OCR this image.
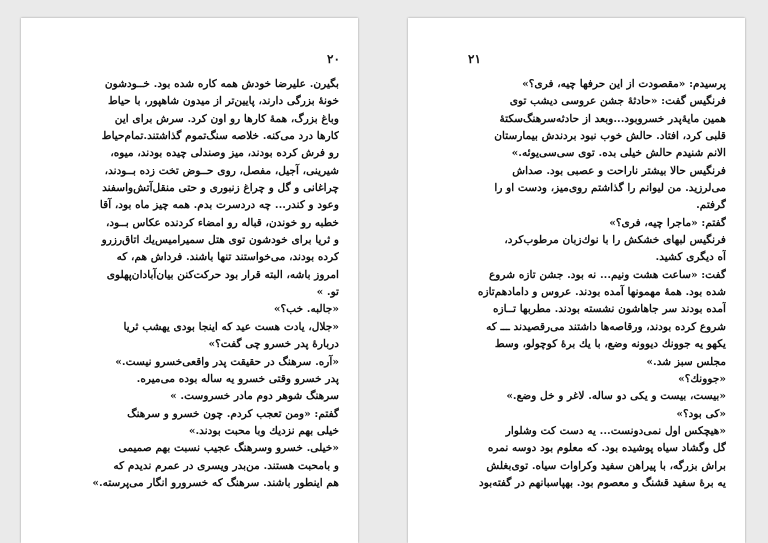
۲۰
بگیرن. علیرضا خودش همه کاره شده بود. خــودشون
خونهٔ بزرگی دارند، پایین‌تر از میدون شاهپور، با حیاط
وباغ بزرگ، همهٔ کارها رو اون کرد. سرش برای این
کارها درد می‌کنه. خلاصه سنگ‌تموم گذاشتند.تمام‌حیاط
رو فرش کرده بودند، میز وصندلی چیده بودند، میوه،
شیرینی، آجیل، مفصل، روی حــوض تخت زده بــودند،
چراغانی و گل و چراغ زنبوری و حتی منقل‌آتش‌واسفند
وعود و کندر... چه دردسرت بدم. همه چیز ماه بود، آقا
خطبه رو خوندن، قباله رو امضاء کردنده عکاس بــود،
و ثریا برای خودشون توی هتل سمیرامیس‌یك اتاق‌رزرو
کرده بودند، می‌خواستند تنها باشند. فرداش هم، که
امروز باشه، البته قرار بود حرکت‌کنن بیان‌آبادان‌پهلوی
تو. »
«جالبه. خب؟»
«جلال، یادت هست عید که اینجا بودی یهشب ثریا
دربارهٔ پدر خسرو چی گفت؟»
«آره. سرهنگ در حقیقت پدر واقعی‌خسرو نیست.»
پدر خسرو وقتی خسرو یه ساله بوده می‌میره.
سرهنگ شوهر دوم مادر خسروست. »
گفتم: «ومن تعجب کردم. چون خسرو و سرهنگ
خیلی بهم نزدیك وبا محبت بودند.»
«خیلی. خسرو وسرهنگ عجیب نسبت بهم صمیمی
و بامحبت هستند. من‌بدر ویسری در عمرم ندیدم که
هم اینطور باشند. سرهنگ که خسرورو انگار می‌پرسته.»
۲۱
پرسیدم: «مقصودت از این حرفها چیه، فری؟»
فرنگیس گفت: «حادثهٔ جشن عروسی دیشب توی
همین مایهٔ‌پدر خسروبود...وبعد از حادثه‌سرهنگ‌سکتهٔ
قلبی کرد، افتاد. حالش خوب نبود بردندش بیمارستان
الانم شنیدم حالش خیلی بده. توی سی‌سی‌یوئه.»
فرنگیس حالا بیشتر ناراحت و عصبی بود. صداش
می‌لرزید. من لیوانم را گذاشتم روی‌میز، ودست او را
گرفتم.
گفتم: «ماجرا چیه، فری؟»
فرنگیس لبهای خشکش را با نوك‌زبان مرطوب‌کرد،
آه دیگری کشید.
گفت: «ساعت هشت ونیم... نه بود. جشن تازه شروع
شده بود. همهٔ مهمونها آمده بودند. عروس و دامادهم‌تازه
آمده بودند سر جاهاشون نشسته بودند. مطربها تــازه
شروع کرده بودند، ورقاصه‌ها داشتند می‌رقصیدند ـــ که
یکهو یه جوونك دیوونه وضع، با یك برهٔ کوچولو، وسط
مجلس سبز شد.»
«جوونك؟»
«بیست، بیست و یکی دو ساله. لاغر و خل وضع.»
«کی بود؟»
«هیچکس اول نمی‌دونست... یه دست کت وشلوار
گل وگشاد سیاه پوشیده بود. که معلوم بود دوسه نمره
براش بزرگه، با پیراهن سفید وکراوات سیاه. توی‌بغلش
یه برهٔ سفید قشنگ و معصوم بود. بهپاسبانهم در گفته‌بود
